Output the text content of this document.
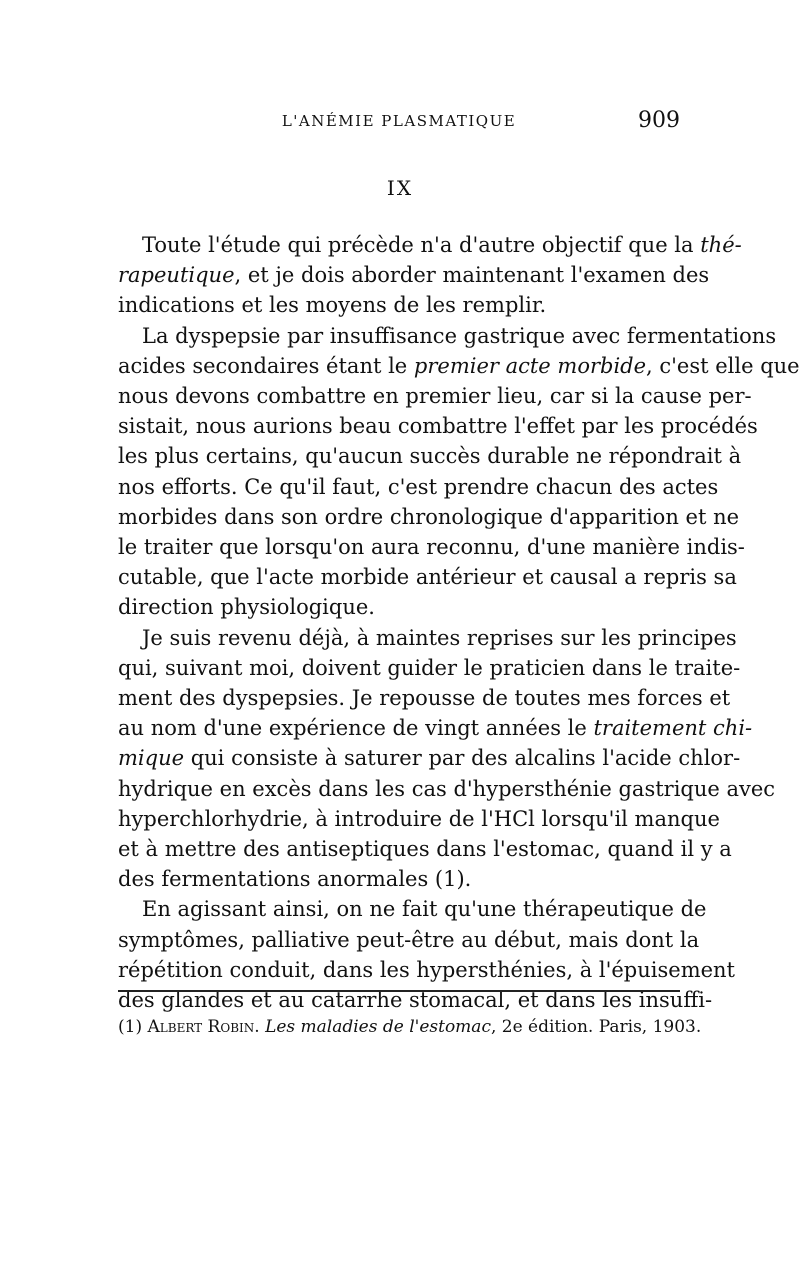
L'ANÉMIE PLASMATIQUE	909
IX
Toute l'étude qui précède n'a d'autre objectif que la thé-
rapeutique, et je dois aborder maintenant l'examen des
indications et les moyens de les remplir.
La dyspepsie par insuffisance gastrique avec fermentations
acides secondaires étant le premier acte morbide, c'est elle que
nous devons combattre en premier lieu, car si la cause per-
sistait, nous aurions beau combattre l'effet par les procédés
les plus certains, qu'aucun succès durable ne répondrait à
nos efforts. Ce qu'il faut, c'est prendre chacun des actes
morbides dans son ordre chronologique d'apparition et ne
le traiter que lorsqu'on aura reconnu, d'une manière indis-
cutable, que l'acte morbide antérieur et causal a repris sa
direction physiologique.
Je suis revenu déjà, à maintes reprises sur les principes
qui, suivant moi, doivent guider le praticien dans le traite-
ment des dyspepsies. Je repousse de toutes mes forces et
au nom d'une expérience de vingt années le traitement chi-
mique qui consiste à saturer par des alcalins l'acide chlor-
hydrique en excès dans les cas d'hypersthénie gastrique avec
hyperchlorhydrie, à introduire de l'HCl lorsqu'il manque
et à mettre des antiseptiques dans l'estomac, quand il y a
des fermentations anormales (1).
En agissant ainsi, on ne fait qu'une thérapeutique de
symptômes, palliative peut-être au début, mais dont la
répétition conduit, dans les hypersthénies, à l'épuisement
des glandes et au catarrhe stomacal, et dans les insuffi-
(1) Albert Robin. Les maladies de l'estomac, 2e édition. Paris, 1903.
